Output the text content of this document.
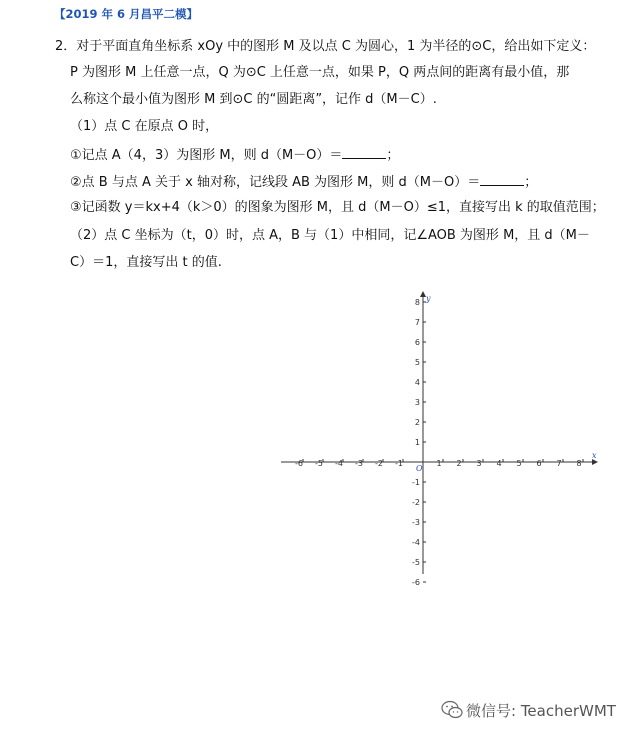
【2019 年 6 月昌平二模】
2．对于平面直角坐标系 xOy 中的图形 M 及以点 C 为圆心，1 为半径的⊙C，给出如下定义：
P 为图形 M 上任意一点，Q 为⊙C 上任意一点，如果 P，Q 两点间的距离有最小值，那
么称这个最小值为图形 M 到⊙C 的“圆距离”，记作 d（M－C）.
（1）点 C 在原点 O 时，
①记点 A（4，3）为图形 M，则 d（M－O）＝	；
②点 B 与点 A 关于 x 轴对称，记线段 AB 为图形 M，则 d（M－O）＝	；
③记函数 y＝kx+4（k＞0）的图象为图形 M，且 d（M－O）≤1，直接写出 k 的取值范围；
（2）点 C 坐标为（t，0）时，点 A，B 与（1）中相同，记∠AOB 为图形 M，且 d（M－
C）＝1，直接写出 t 的值.
-6 -5 -4 -3 -2 -1	1 2 3 4 5 6 7 8
8
7
6
5
4
3
2
1
-1
-2
-3
-4
-5
-6
x
y
O
微信号: TeacherWMT
